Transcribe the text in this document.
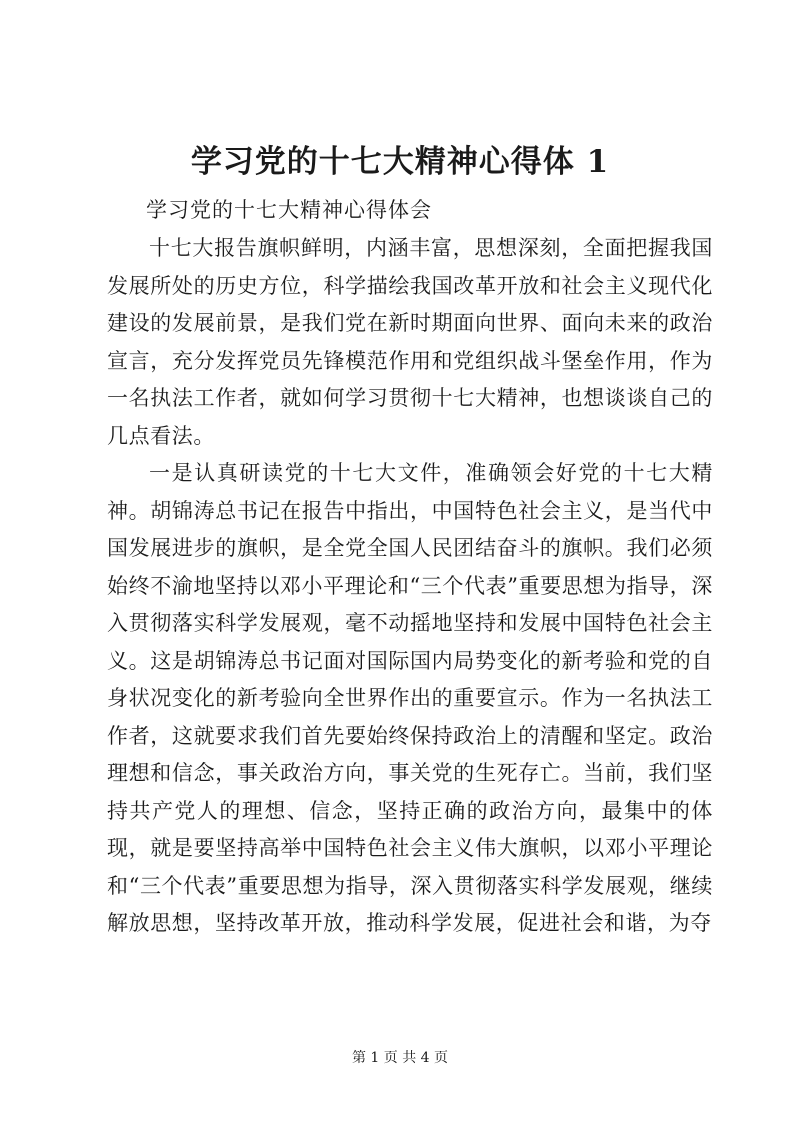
学习党的十七大精神心得体 1
学习党的十七大精神心得体会

十七大报告旗帜鲜明，内涵丰富，思想深刻，全面把握我国发展所处的历史方位，科学描绘我国改革开放和社会主义现代化建设的发展前景，是我们党在新时期面向世界、面向未来的政治宣言，充分发挥党员先锋模范作用和党组织战斗堡垒作用，作为一名执法工作者，就如何学习贯彻十七大精神，也想谈谈自己的几点看法。

一是认真研读党的十七大文件，准确领会好党的十七大精神。胡锦涛总书记在报告中指出，中国特色社会主义，是当代中国发展进步的旗帜，是全党全国人民团结奋斗的旗帜。我们必须始终不渝地坚持以邓小平理论和“三个代表”重要思想为指导，深入贯彻落实科学发展观，毫不动摇地坚持和发展中国特色社会主义。这是胡锦涛总书记面对国际国内局势变化的新考验和党的自身状况变化的新考验向全世界作出的重要宣示。作为一名执法工作者，这就要求我们首先要始终保持政治上的清醒和坚定。政治理想和信念，事关政治方向，事关党的生死存亡。当前，我们坚持共产党人的理想、信念，坚持正确的政治方向，最集中的体现，就是要坚持高举中国特色社会主义伟大旗帜，以邓小平理论和“三个代表”重要思想为指导，深入贯彻落实科学发展观，继续解放思想，坚持改革开放，推动科学发展，促进社会和谐，为夺

第 1 页 共 4 页
